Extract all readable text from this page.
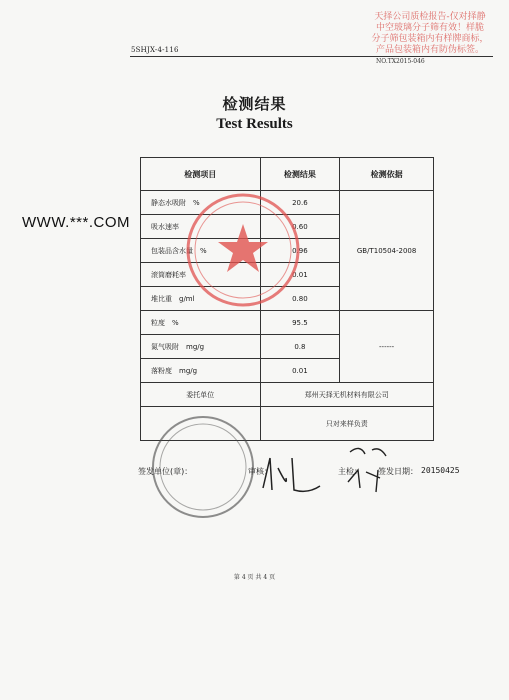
5SHJX-4-116
NO.TX2015-046
天择公司质检报告-仅对择静
中空玻璃分子筛有效！样脆
分子筛包装箱内有样牌商标，
产品包装箱内有防伪标签。
检测结果
Test Results
检测项目	检测结果	检测依据
静态水吸附　%	20.6	GB/T10504-2008
吸水速率	0.60	
包装品含水量　%	0.96	
滚筒磨耗率	0.01	
堆比重　g/ml	0.80	
粒度　%	95.5	------
氮气吸附　mg/g	0.8	
落粉度　mg/g	0.01	
委托单位	郑州天择无机材料有限公司	
	只对来样负责	
WWW.***.COM
签发单位(章)：	审核：	主检： 签发日期： 20150425
第 4 页 共 4 页
